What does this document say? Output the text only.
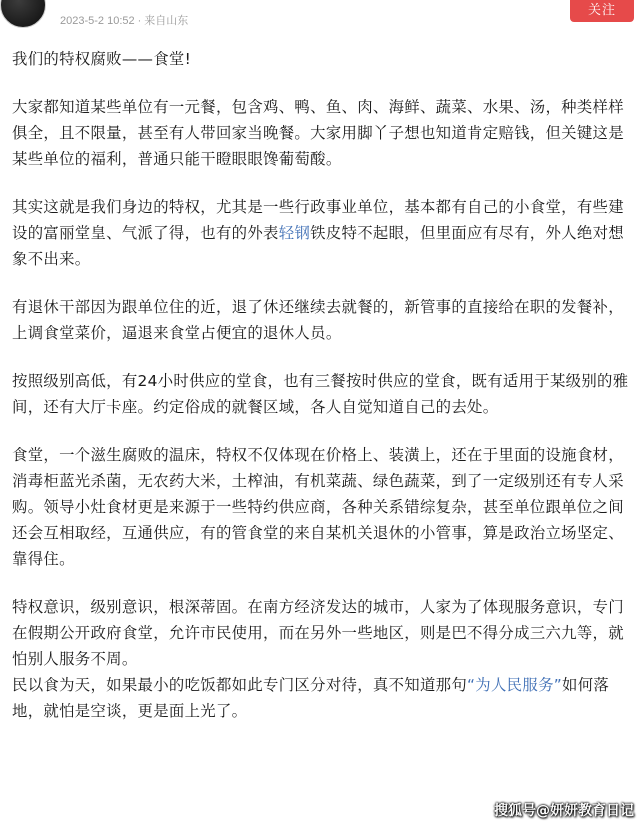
2023-5-2 10:52 · 来自山东
关注

我们的特权腐败——食堂!

大家都知道某些单位有一元餐，包含鸡、鸭、鱼、肉、海鲜、蔬菜、水果、汤，种类样样俱全，且不限量，甚至有人带回家当晚餐。大家用脚丫子想也知道肯定赔钱，但关键这是某些单位的福利，普通只能干瞪眼眼馋葡萄酸。

其实这就是我们身边的特权，尤其是一些行政事业单位，基本都有自己的小食堂，有些建设的富丽堂皇、气派了得，也有的外表轻钢铁皮特不起眼，但里面应有尽有，外人绝对想象不出来。

有退休干部因为跟单位住的近，退了休还继续去就餐的，新管事的直接给在职的发餐补，上调食堂菜价，逼退来食堂占便宜的退休人员。

按照级别高低，有24小时供应的堂食，也有三餐按时供应的堂食，既有适用于某级别的雅间，还有大厅卡座。约定俗成的就餐区域，各人自觉知道自己的去处。

食堂，一个滋生腐败的温床，特权不仅体现在价格上、装潢上，还在于里面的设施食材，消毒柜蓝光杀菌，无农药大米，土榨油，有机菜蔬、绿色蔬菜，到了一定级别还有专人采购。领导小灶食材更是来源于一些特约供应商，各种关系错综复杂，甚至单位跟单位之间还会互相取经，互通供应，有的管食堂的来自某机关退休的小管事，算是政治立场坚定、靠得住。

特权意识，级别意识，根深蒂固。在南方经济发达的城市，人家为了体现服务意识，专门在假期公开政府食堂，允许市民使用，而在另外一些地区，则是巴不得分成三六九等，就怕别人服务不周。

民以食为天，如果最小的吃饭都如此专门区分对待，真不知道那句“为人民服务”如何落地，就怕是空谈，更是面上光了。

搜狐号@妍妍教育日记
